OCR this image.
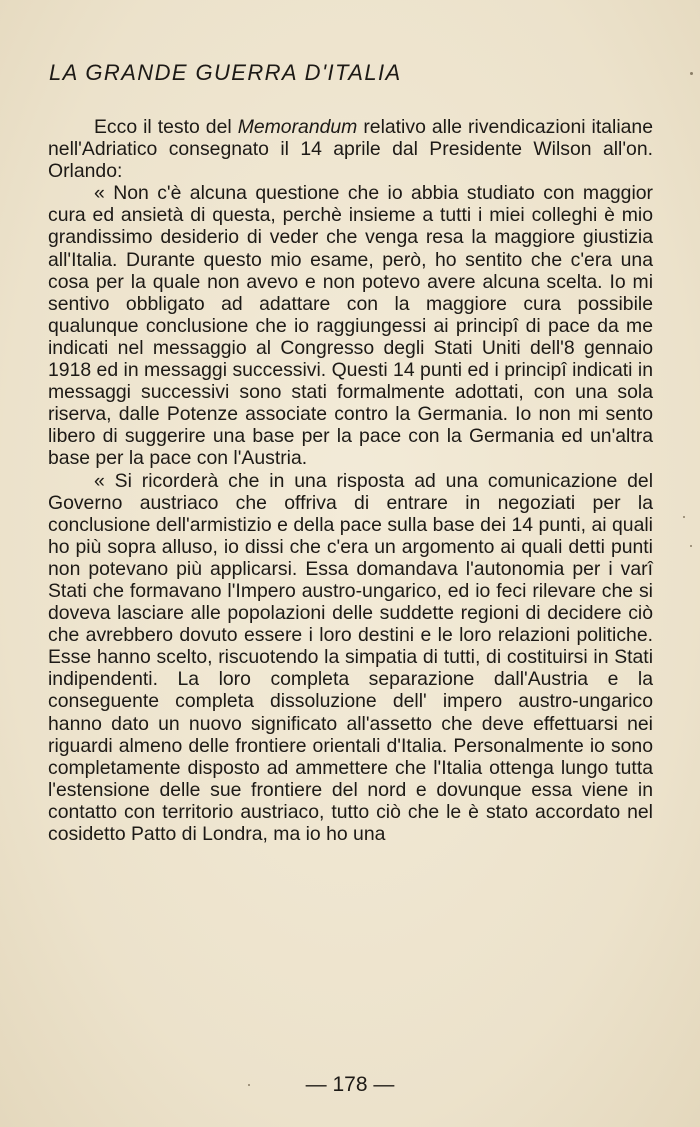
LA GRANDE GUERRA D'ITALIA

Ecco il testo del Memorandum relativo alle rivendicazioni italiane nell'Adriatico consegnato il 14 aprile dal Presidente Wilson all'on. Orlando:

« Non c'è alcuna questione che io abbia studiato con maggior cura ed ansietà di questa, perchè insieme a tutti i miei colleghi è mio grandissimo desiderio di veder che venga resa la maggiore giustizia all'Italia. Durante questo mio esame, però, ho sentito che c'era una cosa per la quale non avevo e non potevo avere alcuna scelta. Io mi sentivo obbligato ad adattare con la maggiore cura possibile qualunque conclusione che io raggiungessi ai principî di pace da me indicati nel messaggio al Congresso degli Stati Uniti dell'8 gennaio 1918 ed in messaggi successivi. Questi 14 punti ed i principî indicati in messaggi successivi sono stati formalmente adottati, con una sola riserva, dalle Potenze associate contro la Germania. Io non mi sento libero di suggerire una base per la pace con la Germania ed un'altra base per la pace con l'Austria.

« Si ricorderà che in una risposta ad una comunicazione del Governo austriaco che offriva di entrare in negoziati per la conclusione dell'armistizio e della pace sulla base dei 14 punti, ai quali ho più sopra alluso, io dissi che c'era un argomento ai quali detti punti non potevano più applicarsi. Essa domandava l'autonomia per i varî Stati che formavano l'Impero austro-ungarico, ed io feci rilevare che si doveva lasciare alle popolazioni delle suddette regioni di decidere ciò che avrebbero dovuto essere i loro destini e le loro relazioni politiche. Esse hanno scelto, riscuotendo la simpatia di tutti, di costituirsi in Stati indipendenti. La loro completa separazione dall'Austria e la conseguente completa dissoluzione dell' impero austro-ungarico hanno dato un nuovo significato all'assetto che deve effettuarsi nei riguardi almeno delle frontiere orientali d'Italia. Personalmente io sono completamente disposto ad ammettere che l'Italia ottenga lungo tutta l'estensione delle sue frontiere del nord e dovunque essa viene in contatto con territorio austriaco, tutto ciò che le è stato accordato nel cosidetto Patto di Londra, ma io ho una

— 178 —
